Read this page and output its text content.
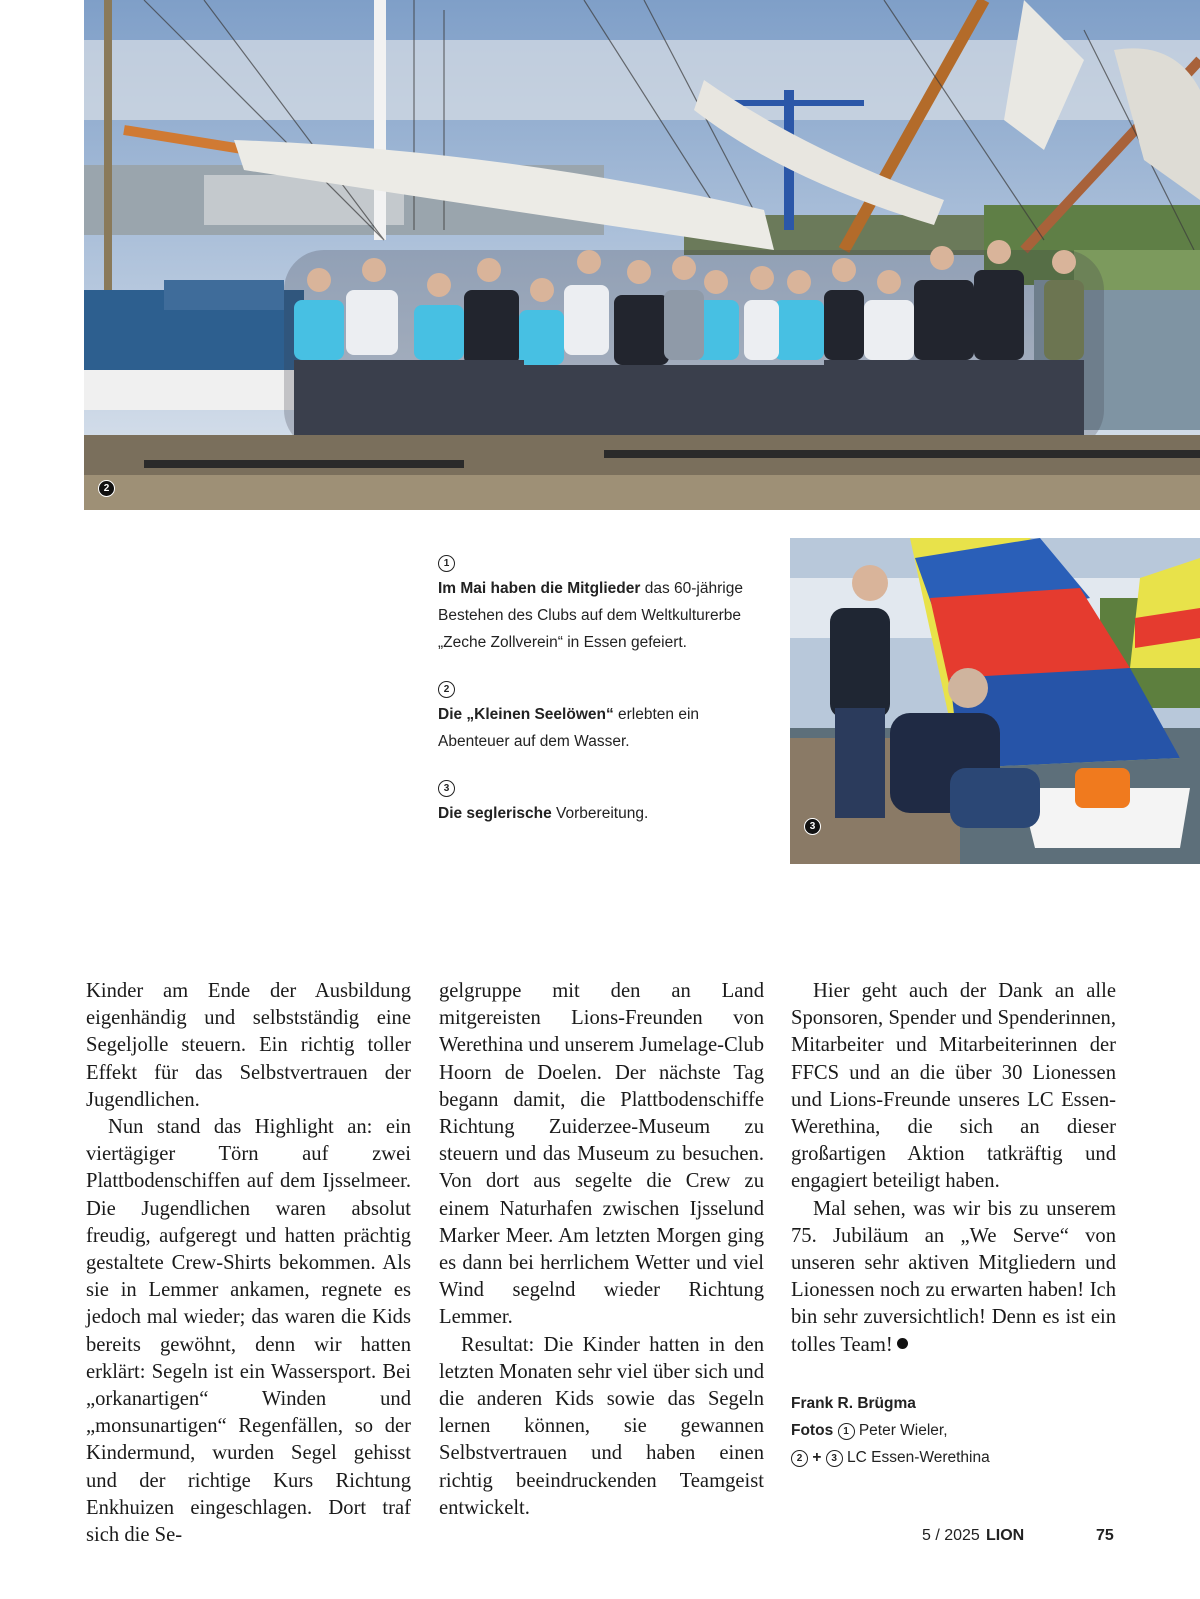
2
1
Im Mai haben die Mitglieder das 60-jährige Bestehen des Clubs auf dem Weltkulturerbe „Zeche Zollverein“ in Essen gefeiert.
2
Die „Kleinen Seelöwen“ erlebten ein Abenteuer auf dem Wasser.
3
Die seglerische Vorbereitung.
3

Kinder am Ende der Ausbildung eigenhändig und selbstständig eine Segeljolle steuern. Ein richtig toller Effekt für das Selbstvertrauen der Jugendlichen.

Nun stand das Highlight an: ein viertägiger Törn auf zwei Plattbodenschiffen auf dem Ijsselmeer. Die Jugendlichen waren absolut freudig, aufgeregt und hatten prächtig gestaltete Crew-Shirts bekommen. Als sie in Lemmer ankamen, regnete es jedoch mal wieder; das waren die Kids bereits gewöhnt, denn wir hatten erklärt: Segeln ist ein Wassersport. Bei „orkanartigen“ Winden und „monsunartigen“ Regenfällen, so der Kindermund, wurden Segel gehisst und der richtige Kurs Richtung Enkhuizen eingeschlagen. Dort traf sich die Se-

gelgruppe mit den an Land mitgereisten Lions-Freunden von Werethina und unserem Jumelage-Club Hoorn de Doelen. Der nächste Tag begann damit, die Plattbodenschiffe Richtung Zuiderzee-Museum zu steuern und das Museum zu besuchen. Von dort aus segelte die Crew zu einem Naturhafen zwischen Ijsselund Marker Meer. Am letzten Morgen ging es dann bei herrlichem Wetter und viel Wind segelnd wieder Richtung Lemmer.

Resultat: Die Kinder hatten in den letzten Monaten sehr viel über sich und die anderen Kids sowie das Segeln lernen können, sie gewannen Selbstvertrauen und haben einen richtig beeindruckenden Teamgeist entwickelt.

Hier geht auch der Dank an alle Sponsoren, Spender und Spenderinnen, Mitarbeiter und Mitarbeiterinnen der FFCS und an die über 30 Lionessen und Lions-Freunde unseres LC Essen-Werethina, die sich an dieser großartigen Aktion tatkräftig und engagiert beteiligt haben.

Mal sehen, was wir bis zu unserem 75. Jubiläum an „We Serve“ von unseren sehr aktiven Mitgliedern und Lionessen noch zu erwarten haben! Ich bin sehr zuversichtlich! Denn es ist ein tolles Team!

Frank R. Brügma
Fotos 1 Peter Wieler,
2 + 3 LC Essen-Werethina
5 / 2025 LION	75
